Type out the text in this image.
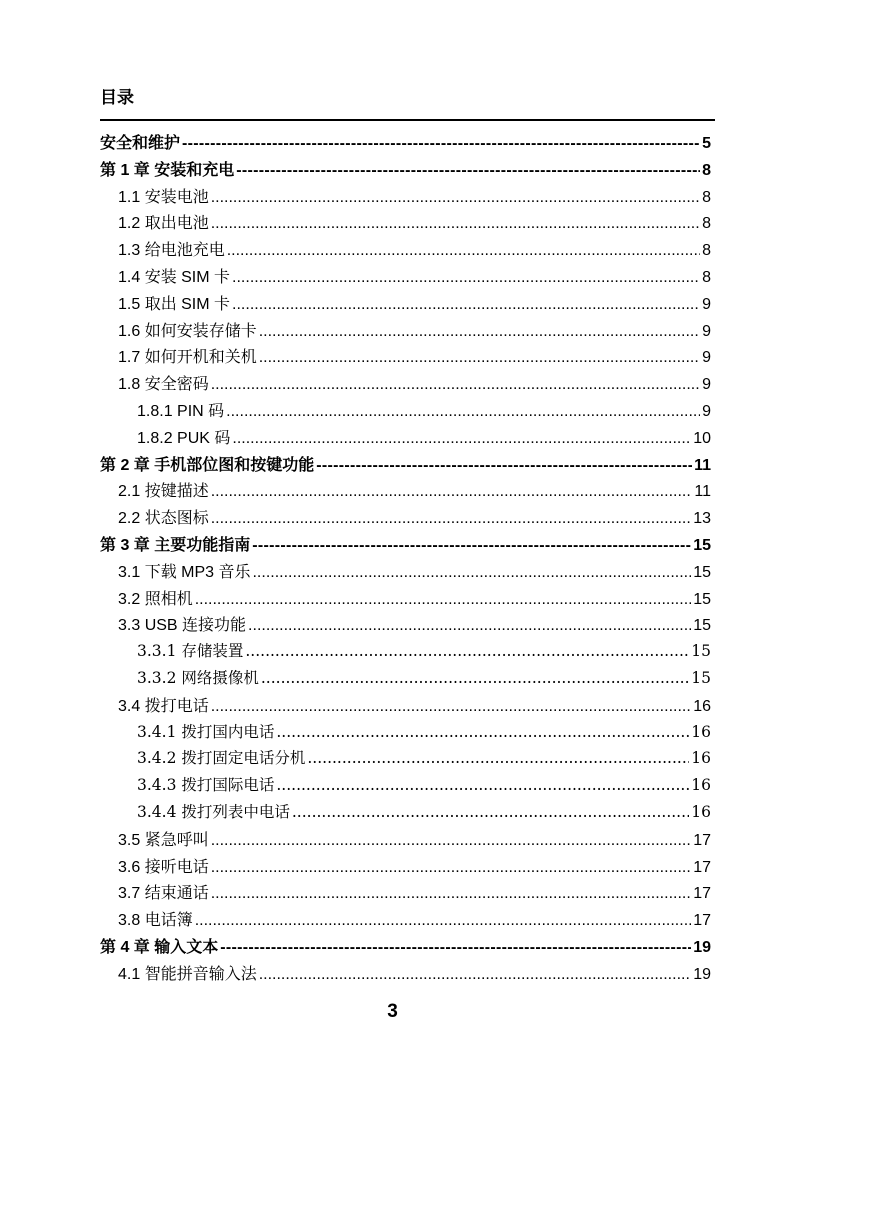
目录
安全和维护 -----	5
第 1 章 安装和充电 -----	8
1.1 安装电池 .....	8
1.2 取出电池 .....	8
1.3 给电池充电 .....	8
1.4 安装 SIM 卡 .....	8
1.5 取出 SIM 卡 .....	9
1.6 如何安装存储卡 .....	9
1.7 如何开机和关机 .....	9
1.8 安全密码 .....	9
1.8.1 PIN 码 .....	9
1.8.2 PUK 码 .....	10
第 2 章 手机部位图和按键功能 -----	11
2.1 按键描述 .....	11
2.2 状态图标 .....	13
第 3 章 主要功能指南 -----	15
3.1 下载 MP3 音乐 .....	15
3.2 照相机 .....	15
3.3 USB 连接功能 .....	15
3.3.1 存储装置 .....	15
3.3.2 网络摄像机 .....	15
3.4 拨打电话 .....	16
3.4.1 拨打国内电话 .....	16
3.4.2 拨打固定电话分机 .....	16
3.4.3 拨打国际电话 .....	16
3.4.4 拨打列表中电话 .....	16
3.5 紧急呼叫 .....	17
3.6 接听电话 .....	17
3.7 结束通话 .....	17
3.8 电话簿 .....	17
第 4 章 输入文本 -----	19
4.1 智能拼音输入法 .....	19
3
